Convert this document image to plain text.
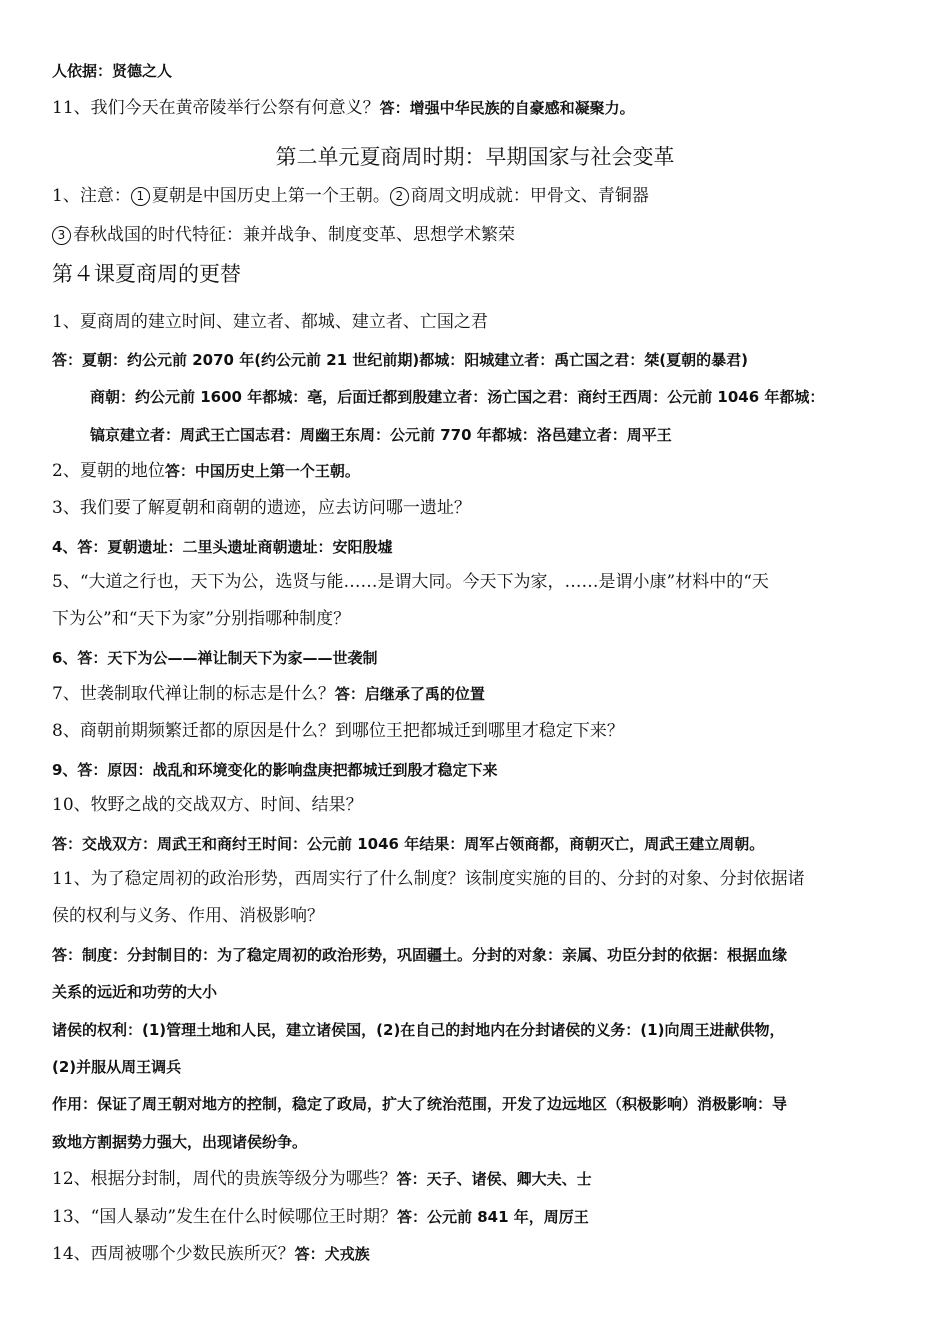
人依据：贤德之人
11、我们今天在黄帝陵举行公祭有何意义？答：增强中华民族的自豪感和凝聚力。
第二单元夏商周时期：早期国家与社会变革
1、注意： 1 夏朝是中国历史上第一个王朝。 2 商周文明成就：甲骨文、青铜器
3 春秋战国的时代特征：兼并战争、制度变革、思想学术繁荣
第４课夏商周的更替
1、夏商周的建立时间、建立者、都城、建立者、亡国之君
答：夏朝：约公元前 2070 年(约公元前 21 世纪前期)都城：阳城建立者：禹亡国之君：桀(夏朝的暴君)
商朝：约公元前 1600 年都城：亳，后面迁都到殷建立者：汤亡国之君：商纣王西周：公元前 1046 年都城：
镐京建立者：周武王亡国志君：周幽王东周：公元前 770 年都城：洛邑建立者：周平王
2、夏朝的地位答：中国历史上第一个王朝。
3、我们要了解夏朝和商朝的遗迹，应去访问哪一遗址？
4、答：夏朝遗址：二里头遗址商朝遗址：安阳殷墟
5、“大道之行也，天下为公，选贤与能……是谓大同。今天下为家，……是谓小康”材料中的“天
下为公”和“天下为家”分别指哪种制度？
6、答：天下为公——禅让制天下为家——世袭制
7、世袭制取代禅让制的标志是什么？答：启继承了禹的位置
8、商朝前期频繁迁都的原因是什么？到哪位王把都城迁到哪里才稳定下来？
9、答：原因：战乱和环境变化的影响盘庚把都城迁到殷才稳定下来
10、牧野之战的交战双方、时间、结果？
答：交战双方：周武王和商纣王时间：公元前 1046 年结果：周军占领商都，商朝灭亡，周武王建立周朝。
11、为了稳定周初的政治形势，西周实行了什么制度？该制度实施的目的、分封的对象、分封依据诸
侯的权利与义务、作用、消极影响？
答：制度：分封制目的：为了稳定周初的政治形势，巩固疆土。分封的对象：亲属、功臣分封的依据：根据血缘
关系的远近和功劳的大小
诸侯的权利：(1)管理土地和人民，建立诸侯国，(2)在自己的封地内在分封诸侯的义务：(1)向周王进献供物，
(2)并服从周王调兵
作用：保证了周王朝对地方的控制，稳定了政局，扩大了统治范围，开发了边远地区（积极影响）消极影响：导
致地方割据势力强大，出现诸侯纷争。
12、根据分封制，周代的贵族等级分为哪些？答：天子、诸侯、卿大夫、士
13、“国人暴动”发生在什么时候哪位王时期？答：公元前 841 年，周厉王
14、西周被哪个少数民族所灭？答：犬戎族
